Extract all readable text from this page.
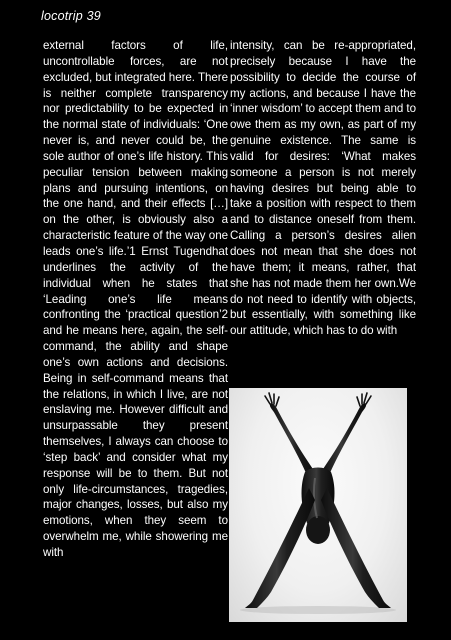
locotrip 39

external factors of life, uncontrollable forces, are not excluded, but integrated here. There is neither complete transparency nor predictability to be expected in the normal state of individuals: ‘One never is, and never could be, the sole author of one’s life history. This peculiar tension between making plans and pursuing intentions, on the one hand, and their effects […] on the other, is obviously also a characteristic feature of the way one leads one’s life.’1 Ernst Tugendhat underlines the activity of the individual when he states that ‘Leading one’s life means confronting the ‘practical question’2 and he means here, again, the self-command, the ability and shape one’s own actions and decisions. Being in self-command means that the relations, in which I live, are not enslaving me. However difficult and unsurpassable they present themselves, I always can choose to ‘step back’ and consider what my response will be to them. But not only life-circumstances, tragedies, major changes, losses, but also my emotions, when they seem to overwhelm me, while showering me with

intensity, can be re-appropriated, precisely because I have the possibility to decide the course of my actions, and because I have the ‘inner wisdom’ to accept them and to owe them as my own, as part of my genuine existence. The same is valid for desires: ‘What makes someone a person is not merely having desires but being able to take a position with respect to them and to distance oneself from them. Calling a person’s desires alien does not mean that she does not have them; it means, rather, that she has not made them her own.We do not need to identify with objects, but essentially, with something like our attitude, which has to do with
